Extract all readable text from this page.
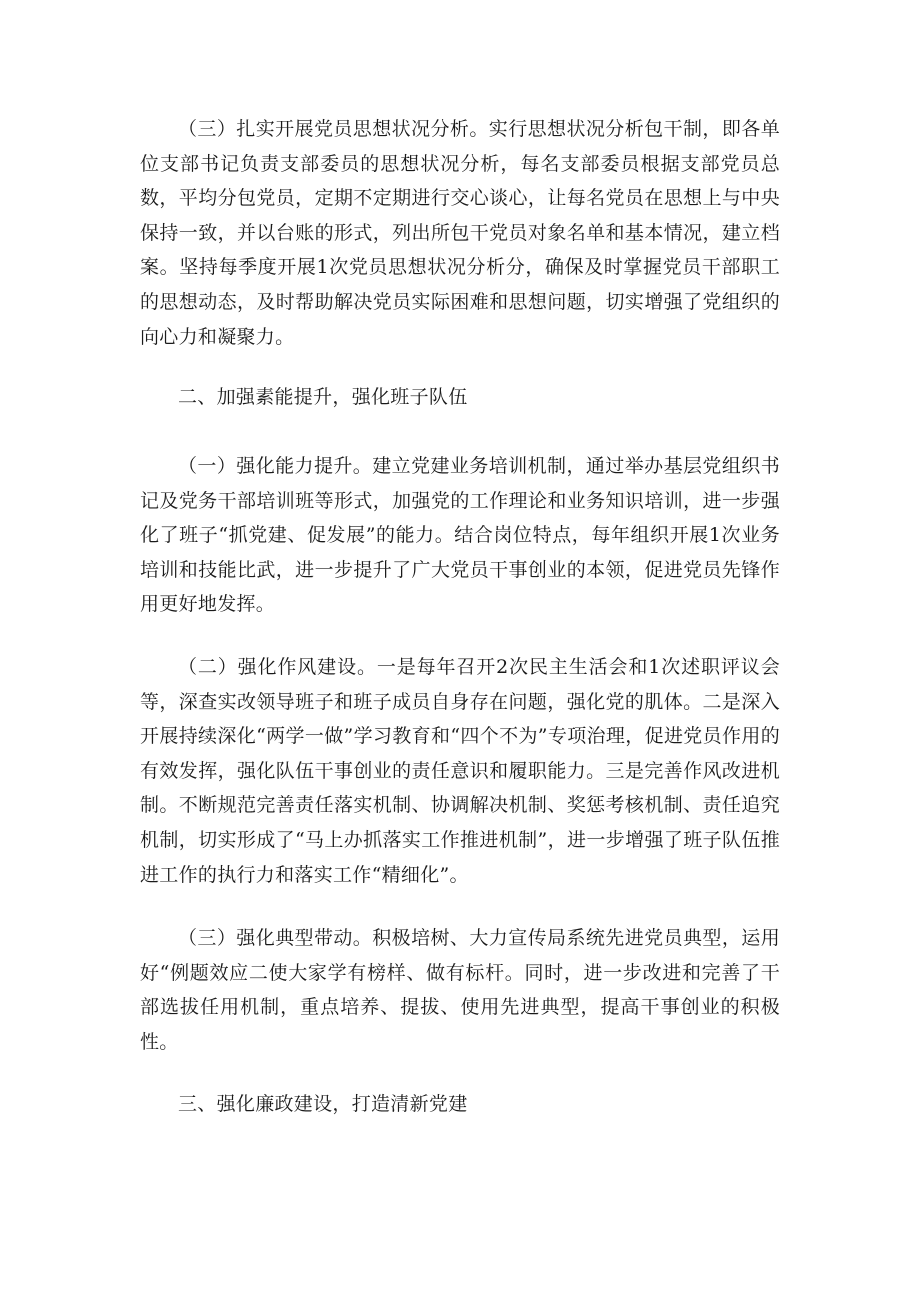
（三）扎实开展党员思想状况分析。实行思想状况分析包干制，即各单位支部书记负责支部委员的思想状况分析，每名支部委员根据支部党员总数，平均分包党员，定期不定期进行交心谈心，让每名党员在思想上与中央保持一致，并以台账的形式，列出所包干党员对象名单和基本情况，建立档案。坚持每季度开展1次党员思想状况分析分，确保及时掌握党员干部职工的思想动态，及时帮助解决党员实际困难和思想问题，切实增强了党组织的向心力和凝聚力。

二、加强素能提升，强化班子队伍

（一）强化能力提升。建立党建业务培训机制，通过举办基层党组织书记及党务干部培训班等形式，加强党的工作理论和业务知识培训，进一步强化了班子“抓党建、促发展”的能力。结合岗位特点，每年组织开展1次业务培训和技能比武，进一步提升了广大党员干事创业的本领，促进党员先锋作用更好地发挥。

（二）强化作风建设。一是每年召开2次民主生活会和1次述职评议会等，深查实改领导班子和班子成员自身存在问题，强化党的肌体。二是深入开展持续深化“两学一做”学习教育和“四个不为”专项治理，促进党员作用的有效发挥，强化队伍干事创业的责任意识和履职能力。三是完善作风改进机制。不断规范完善责任落实机制、协调解决机制、奖惩考核机制、责任追究机制，切实形成了“马上办抓落实工作推进机制”，进一步增强了班子队伍推进工作的执行力和落实工作“精细化”。

（三）强化典型带动。积极培树、大力宣传局系统先进党员典型，运用好“例题效应二使大家学有榜样、做有标杆。同时，进一步改进和完善了干部选拔任用机制，重点培养、提拔、使用先进典型，提高干事创业的积极性。

三、强化廉政建设，打造清新党建
